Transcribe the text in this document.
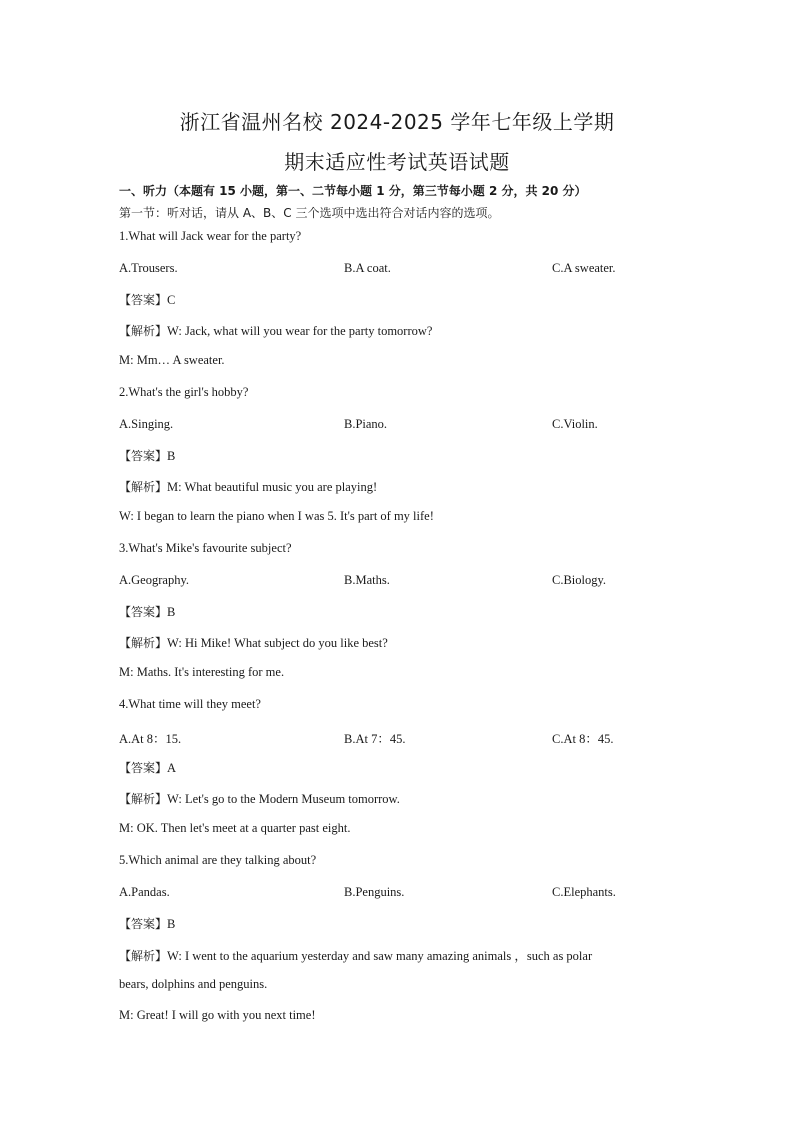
浙江省温州名校 2024-2025 学年七年级上学期
期末适应性考试英语试题
一、听力（本题有 15 小题，第一、二节每小题 1 分，第三节每小题 2 分，共 20 分）
第一节：听对话，请从 A、B、C 三个选项中选出符合对话内容的选项。
1.What will Jack wear for the party?
A.Trousers.	B.A coat.	C.A sweater.
【答案】C
【解析】W: Jack, what will you wear for the party tomorrow?
M: Mm… A sweater.
2.What's the girl's hobby?
A.Singing.	B.Piano.	C.Violin.
【答案】B
【解析】M: What beautiful music you are playing!
W: I began to learn the piano when I was 5. It's part of my life!
3.What's Mike's favourite subject?
A.Geography.	B.Maths.	C.Biology.
【答案】B
【解析】W: Hi Mike! What subject do you like best?
M: Maths. It's interesting for me.
4.What time will they meet?
A.At 8：15.	B.At 7：45.	C.At 8：45.
【答案】A
【解析】W: Let's go to the Modern Museum tomorrow.
M: OK. Then let's meet at a quarter past eight.
5.Which animal are they talking about?
A.Pandas.	B.Penguins.	C.Elephants.
【答案】B
【解析】W: I went to the aquarium yesterday and saw many amazing animals ，such as polar
bears, dolphins and penguins.
M: Great! I will go with you next time!
